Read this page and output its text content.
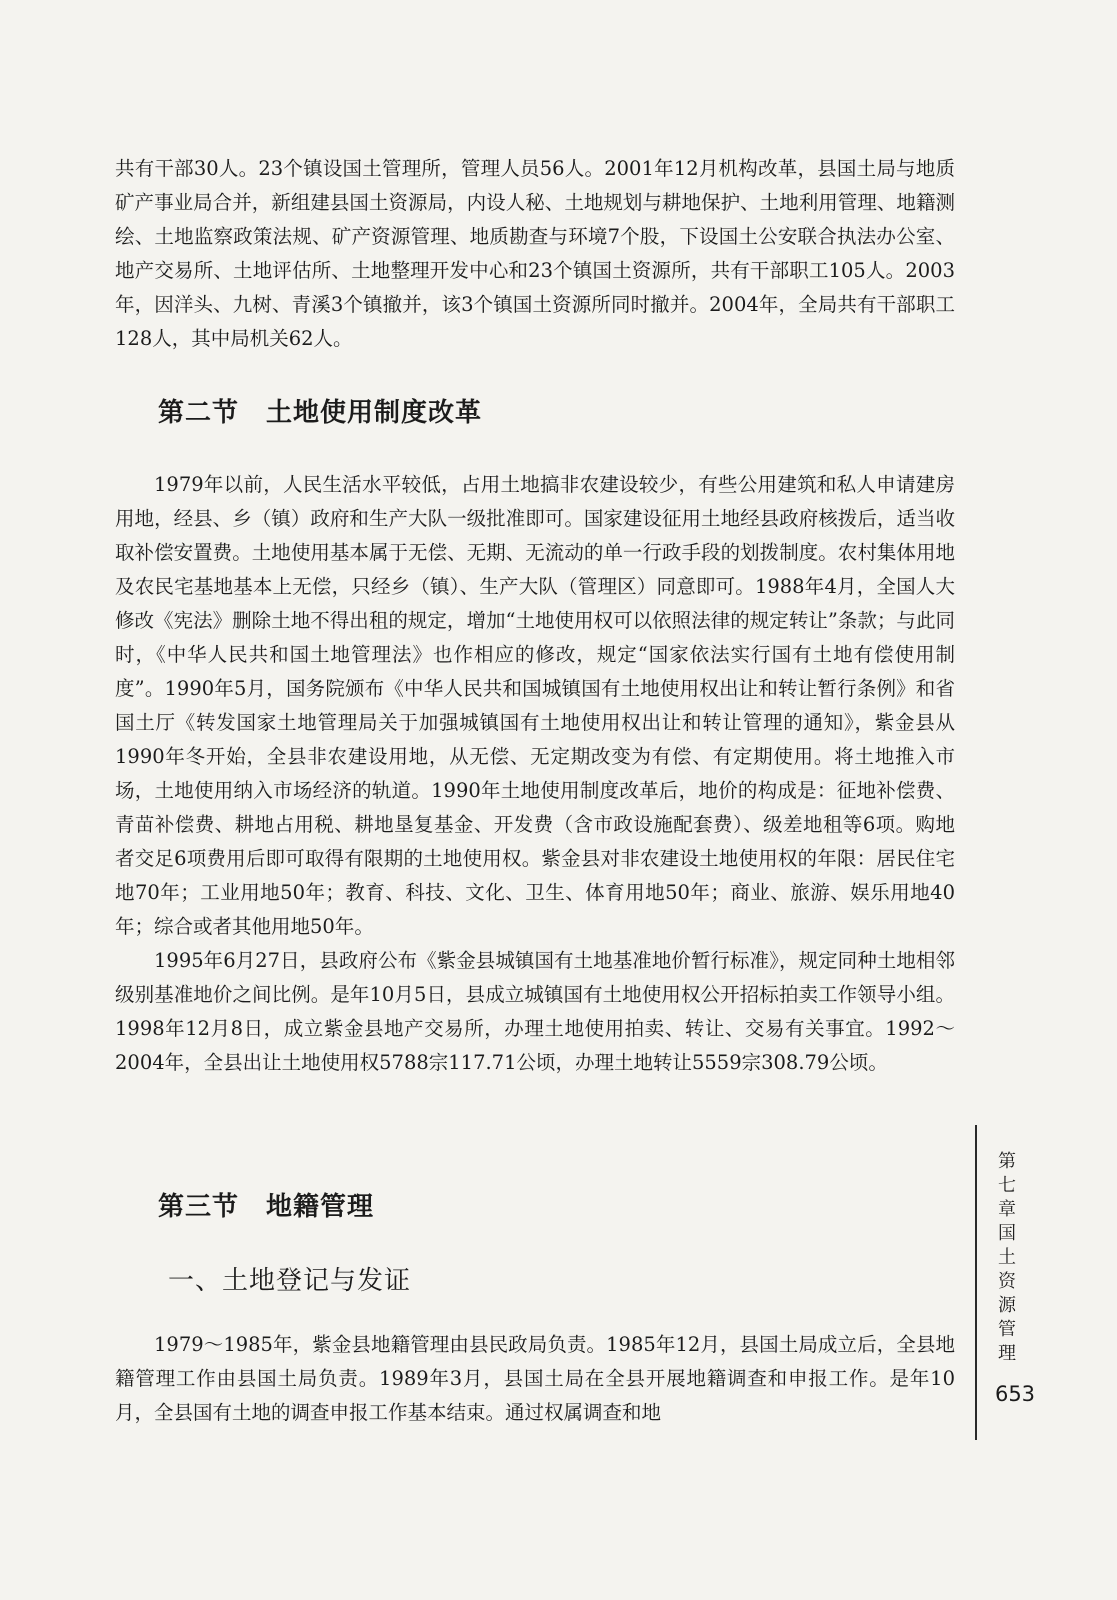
共有干部30人。23个镇设国土管理所，管理人员56人。2001年12月机构改革，县国土局与地质矿产事业局合并，新组建县国土资源局，内设人秘、土地规划与耕地保护、土地利用管理、地籍测绘、土地监察政策法规、矿产资源管理、地质勘查与环境7个股，下设国土公安联合执法办公室、地产交易所、土地评估所、土地整理开发中心和23个镇国土资源所，共有干部职工105人。2003年，因洋头、九树、青溪3个镇撤并，该3个镇国土资源所同时撤并。2004年，全局共有干部职工128人，其中局机关62人。

第二节　土地使用制度改革

1979年以前，人民生活水平较低，占用土地搞非农建设较少，有些公用建筑和私人申请建房用地，经县、乡（镇）政府和生产大队一级批准即可。国家建设征用土地经县政府核拨后，适当收取补偿安置费。土地使用基本属于无偿、无期、无流动的单一行政手段的划拨制度。农村集体用地及农民宅基地基本上无偿，只经乡（镇）、生产大队（管理区）同意即可。1988年4月，全国人大修改《宪法》删除土地不得出租的规定，增加“土地使用权可以依照法律的规定转让”条款；与此同时，《中华人民共和国土地管理法》也作相应的修改，规定“国家依法实行国有土地有偿使用制度”。1990年5月，国务院颁布《中华人民共和国城镇国有土地使用权出让和转让暂行条例》和省国土厅《转发国家土地管理局关于加强城镇国有土地使用权出让和转让管理的通知》，紫金县从1990年冬开始，全县非农建设用地，从无偿、无定期改变为有偿、有定期使用。将土地推入市场，土地使用纳入市场经济的轨道。1990年土地使用制度改革后，地价的构成是：征地补偿费、青苗补偿费、耕地占用税、耕地垦复基金、开发费（含市政设施配套费）、级差地租等6项。购地者交足6项费用后即可取得有限期的土地使用权。紫金县对非农建设土地使用权的年限：居民住宅地70年；工业用地50年；教育、科技、文化、卫生、体育用地50年；商业、旅游、娱乐用地40年；综合或者其他用地50年。

1995年6月27日，县政府公布《紫金县城镇国有土地基准地价暂行标准》，规定同种土地相邻级别基准地价之间比例。是年10月5日，县成立城镇国有土地使用权公开招标拍卖工作领导小组。1998年12月8日，成立紫金县地产交易所，办理土地使用拍卖、转让、交易有关事宜。1992～2004年，全县出让土地使用权5788宗117.71公顷，办理土地转让5559宗308.79公顷。

第三节　地籍管理
一、土地登记与发证

1979～1985年，紫金县地籍管理由县民政局负责。1985年12月，县国土局成立后，全县地籍管理工作由县国土局负责。1989年3月，县国土局在全县开展地籍调查和申报工作。是年10月，全县国有土地的调查申报工作基本结束。通过权属调查和地

第七章　国土资源管理
653
